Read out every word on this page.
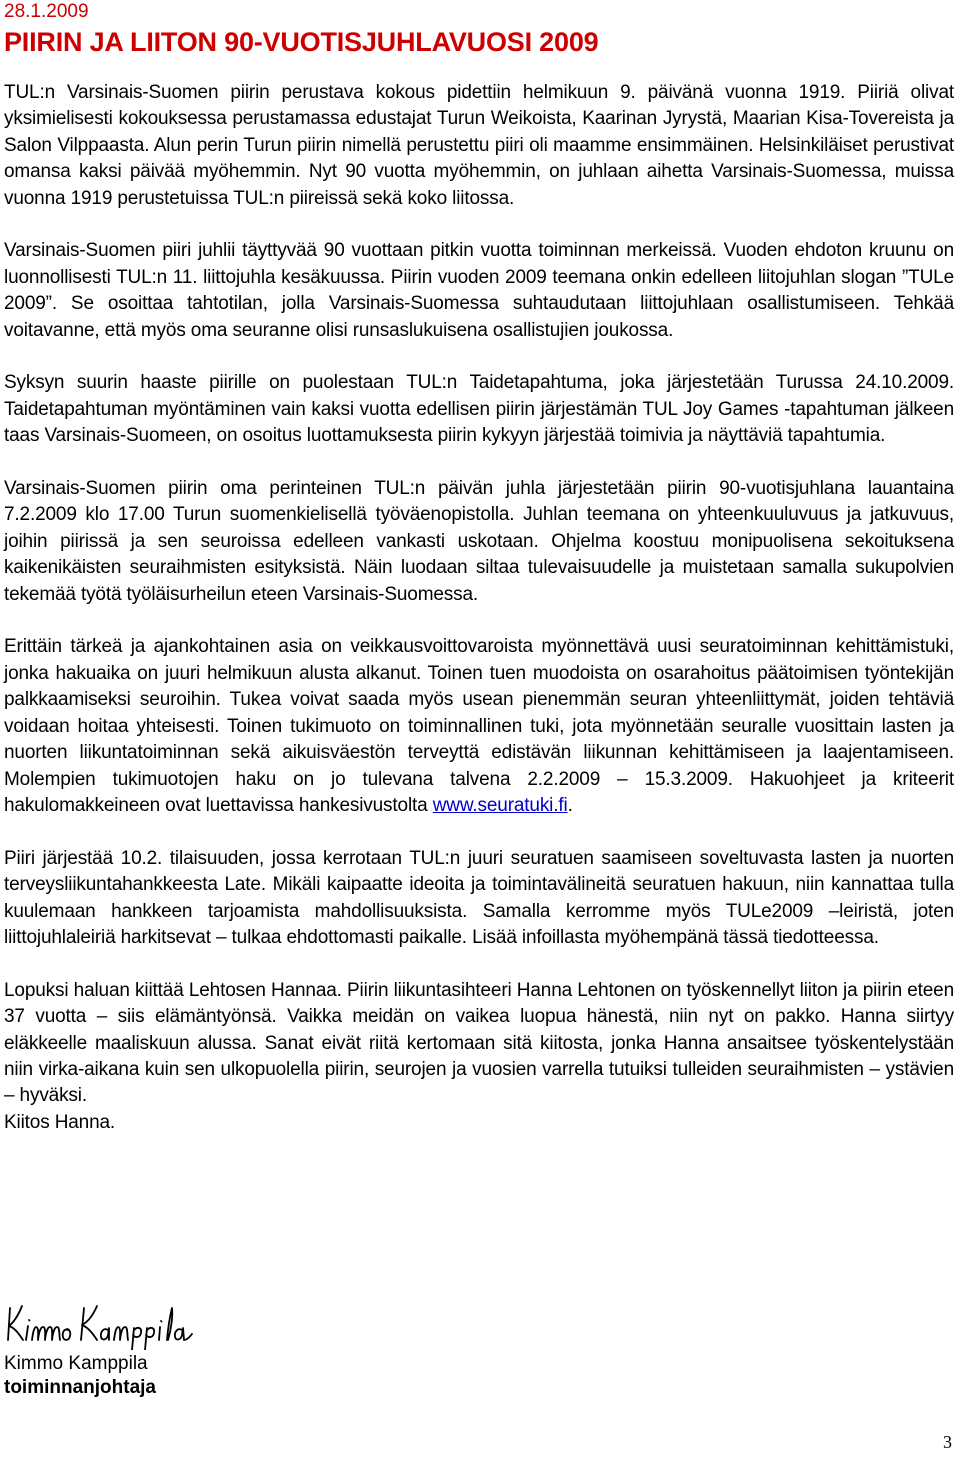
28.1.2009
PIIRIN JA LIITON 90-VUOTISJUHLAVUOSI 2009

TUL:n Varsinais-Suomen piirin perustava kokous pidettiin helmikuun 9. päivänä vuonna 1919. Piiriä olivat yksimielisesti kokouksessa perustamassa edustajat Turun Weikoista, Kaarinan Jyrystä, Maarian Kisa-Tovereista ja Salon Vilppaasta. Alun perin Turun piirin nimellä perustettu piiri oli maamme ensimmäinen. Helsinkiläiset perustivat omansa kaksi päivää myöhemmin. Nyt 90 vuotta myöhemmin, on juhlaan aihetta Varsinais-Suomessa, muissa vuonna 1919 perustetuissa TUL:n piireissä sekä koko liitossa.

Varsinais-Suomen piiri juhlii täyttyvää 90 vuottaan pitkin vuotta toiminnan merkeissä. Vuoden ehdoton kruunu on luonnollisesti TUL:n 11. liittojuhla kesäkuussa. Piirin vuoden 2009 teemana onkin edelleen liitojuhlan slogan ”TULe 2009”. Se osoittaa tahtotilan, jolla Varsinais-Suomessa suhtaudutaan liittojuhlaan osallistumiseen. Tehkää voitavanne, että myös oma seuranne olisi runsaslukuisena osallistujien joukossa.

Syksyn suurin haaste piirille on puolestaan TUL:n Taidetapahtuma, joka järjestetään Turussa 24.10.2009. Taidetapahtuman myöntäminen vain kaksi vuotta edellisen piirin järjestämän TUL Joy Games -tapahtuman jälkeen taas Varsinais-Suomeen, on osoitus luottamuksesta piirin kykyyn järjestää toimivia ja näyttäviä tapahtumia.

Varsinais-Suomen piirin oma perinteinen TUL:n päivän juhla järjestetään piirin 90-vuotisjuhlana lauantaina 7.2.2009 klo 17.00 Turun suomenkielisellä työväenopistolla. Juhlan teemana on yhteenkuuluvuus ja jatkuvuus, joihin piirissä ja sen seuroissa edelleen vankasti uskotaan. Ohjelma koostuu monipuolisena sekoituksena kaikenikäisten seuraihmisten esityksistä. Näin luodaan siltaa tulevaisuudelle ja muistetaan samalla sukupolvien tekemää työtä työläisurheilun eteen Varsinais-Suomessa.

Erittäin tärkeä ja ajankohtainen asia on veikkausvoittovaroista myönnettävä uusi seuratoiminnan kehittämistuki, jonka hakuaika on juuri helmikuun alusta alkanut. Toinen tuen muodoista on osarahoitus päätoimisen työntekijän palkkaamiseksi seuroihin. Tukea voivat saada myös usean pienemmän seuran yhteenliittymät, joiden tehtäviä voidaan hoitaa yhteisesti. Toinen tukimuoto on toiminnallinen tuki, jota myönnetään seuralle vuosittain lasten ja nuorten liikuntatoiminnan sekä aikuisväestön terveyttä edistävän liikunnan kehittämiseen ja laajentamiseen. Molempien tukimuotojen haku on jo tulevana talvena 2.2.2009 – 15.3.2009. Hakuohjeet ja kriteerit hakulomakkeineen ovat luettavissa hankesivustolta www.seuratuki.fi.

Piiri järjestää 10.2. tilaisuuden, jossa kerrotaan TUL:n juuri seuratuen saamiseen soveltuvasta lasten ja nuorten terveysliikuntahankkeesta Late. Mikäli kaipaatte ideoita ja toimintavälineitä seuratuen hakuun, niin kannattaa tulla kuulemaan hankkeen tarjoamista mahdollisuuksista. Samalla kerromme myös TULe2009 –leiristä, joten liittojuhlaleiriä harkitsevat – tulkaa ehdottomasti paikalle. Lisää infoillasta myöhempänä tässä tiedotteessa.

Lopuksi haluan kiittää Lehtosen Hannaa. Piirin liikuntasihteeri Hanna Lehtonen on työskennellyt liiton ja piirin eteen 37 vuotta – siis elämäntyönsä. Vaikka meidän on vaikea luopua hänestä, niin nyt on pakko. Hanna siirtyy eläkkeelle maaliskuun alussa. Sanat eivät riitä kertomaan sitä kiitosta, jonka Hanna ansaitsee työskentelystään niin virka-aikana kuin sen ulkopuolella piirin, seurojen ja vuosien varrella tutuiksi tulleiden seuraihmisten – ystävien – hyväksi.
Kiitos Hanna.

Kimmo Kamppila
toiminnanjohtaja
3
